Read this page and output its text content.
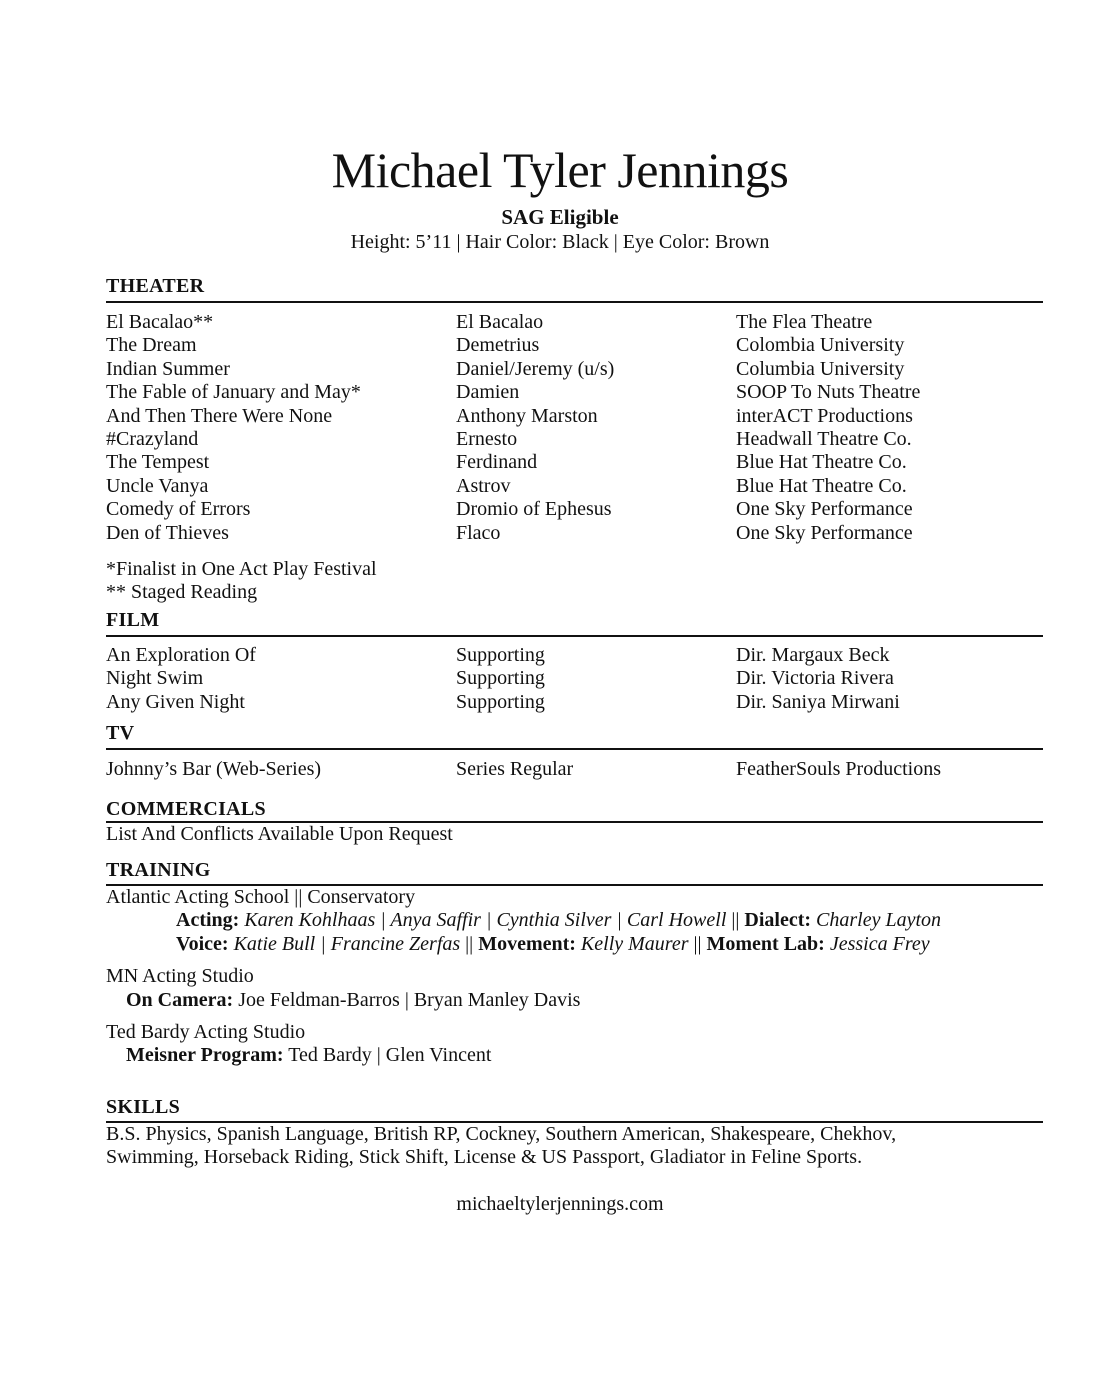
Michael Tyler Jennings
SAG Eligible
Height: 5’11 | Hair Color: Black | Eye Color: Brown
THEATER
El Bacalao**	El Bacalao	The Flea Theatre
The Dream	Demetrius	Colombia University
Indian Summer	Daniel/Jeremy (u/s)	Columbia University
The Fable of January and May*	Damien	SOOP To Nuts Theatre
And Then There Were None	Anthony Marston	interACT Productions
#Crazyland	Ernesto	Headwall Theatre Co.
The Tempest	Ferdinand	Blue Hat Theatre Co.
Uncle Vanya	Astrov	Blue Hat Theatre Co.
Comedy of Errors	Dromio of Ephesus	One Sky Performance
Den of Thieves	Flaco	One Sky Performance
*Finalist in One Act Play Festival
** Staged Reading
FILM
An Exploration Of	Supporting	Dir. Margaux Beck
Night Swim	Supporting	Dir. Victoria Rivera
Any Given Night	Supporting	Dir. Saniya Mirwani
TV
Johnny’s Bar (Web-Series)	Series Regular	FeatherSouls Productions
COMMERCIALS
List And Conflicts Available Upon Request
TRAINING
Atlantic Acting School || Conservatory
Acting: Karen Kohlhaas | Anya Saffir | Cynthia Silver | Carl Howell || Dialect: Charley Layton
Voice: Katie Bull | Francine Zerfas || Movement: Kelly Maurer || Moment Lab: Jessica Frey
MN Acting Studio
On Camera: Joe Feldman-Barros | Bryan Manley Davis
Ted Bardy Acting Studio
Meisner Program: Ted Bardy | Glen Vincent
SKILLS
B.S. Physics, Spanish Language, British RP, Cockney, Southern American, Shakespeare, Chekhov,
Swimming, Horseback Riding, Stick Shift, License & US Passport, Gladiator in Feline Sports.
michaeltylerjennings.com
